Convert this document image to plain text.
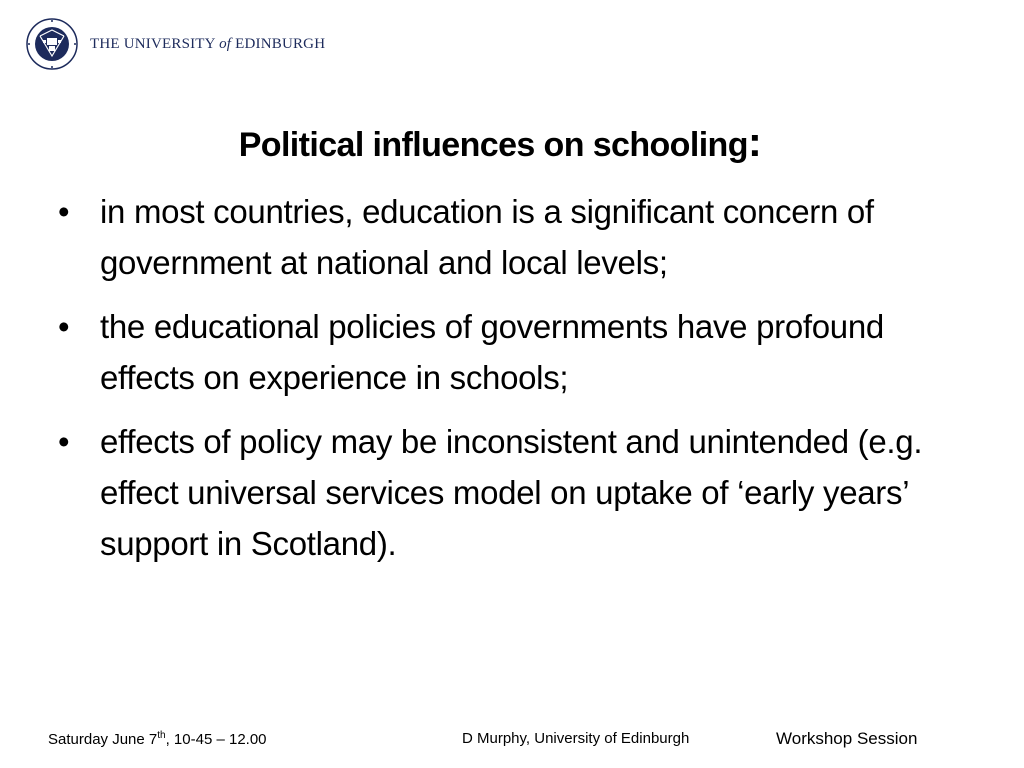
THE UNIVERSITY of EDINBURGH
Political influences on schooling:
• in most countries, education is a significant concern of government at national and local levels;
• the educational policies of governments have profound effects on experience in schools;
• effects of policy may be inconsistent and unintended (e.g. effect universal services model on uptake of ‘early years’ support in Scotland).
Saturday June 7th, 10-45 – 12.00	D Murphy, University of Edinburgh	Workshop Session
